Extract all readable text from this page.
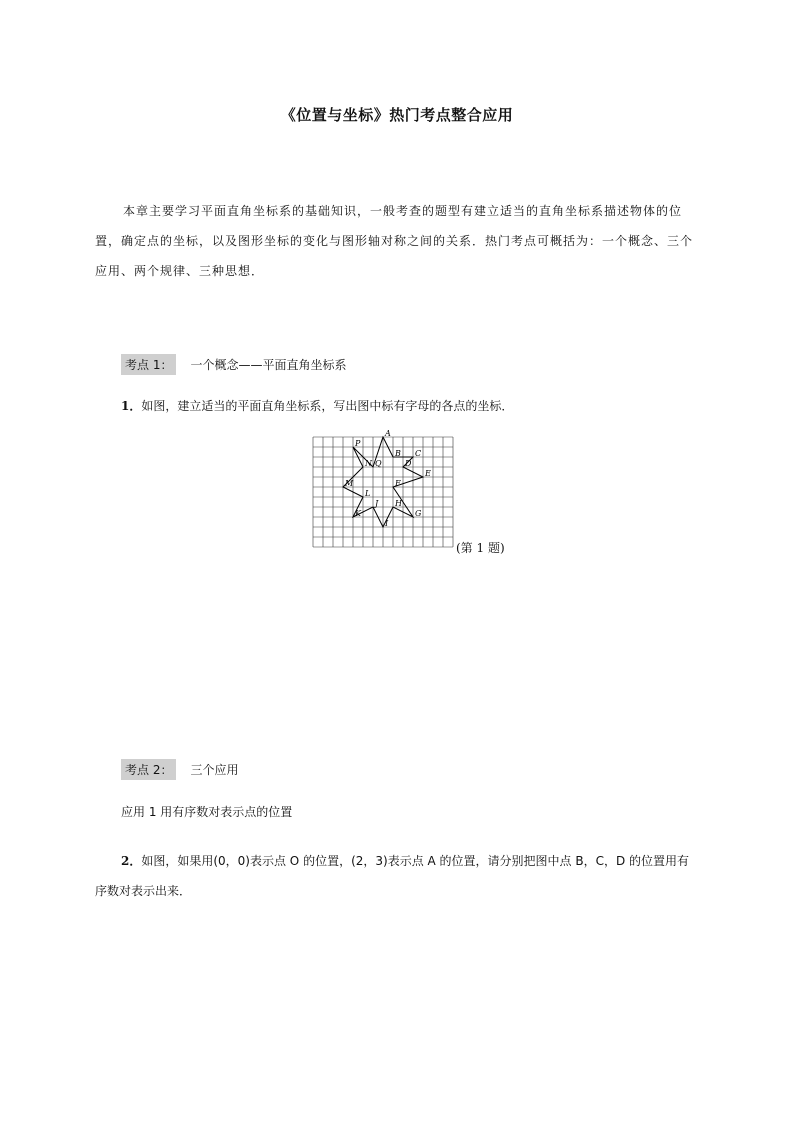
《位置与坐标》热门考点整合应用

本章主要学习平面直角坐标系的基础知识，一般考查的题型有建立适当的直角坐标系描述物体的位置，确定点的坐标，以及图形坐标的变化与图形轴对称之间的关系．热门考点可概括为：一个概念、三个应用、两个规律、三种思想．

考点 1：	一个概念——平面直角坐标系
1．如图，建立适当的平面直角坐标系，写出图中标有字母的各点的坐标．
A
B C
D
E
F
G
H
I
J
K
L
M
N
P
Q
(第 1 题)
考点 2：	三个应用
应用 1 用有序数对表示点的位置

2．如图，如果用(0，0)表示点 O 的位置，(2，3)表示点 A 的位置，请分别把图中点 B，C，D 的位置用有序数对表示出来．
